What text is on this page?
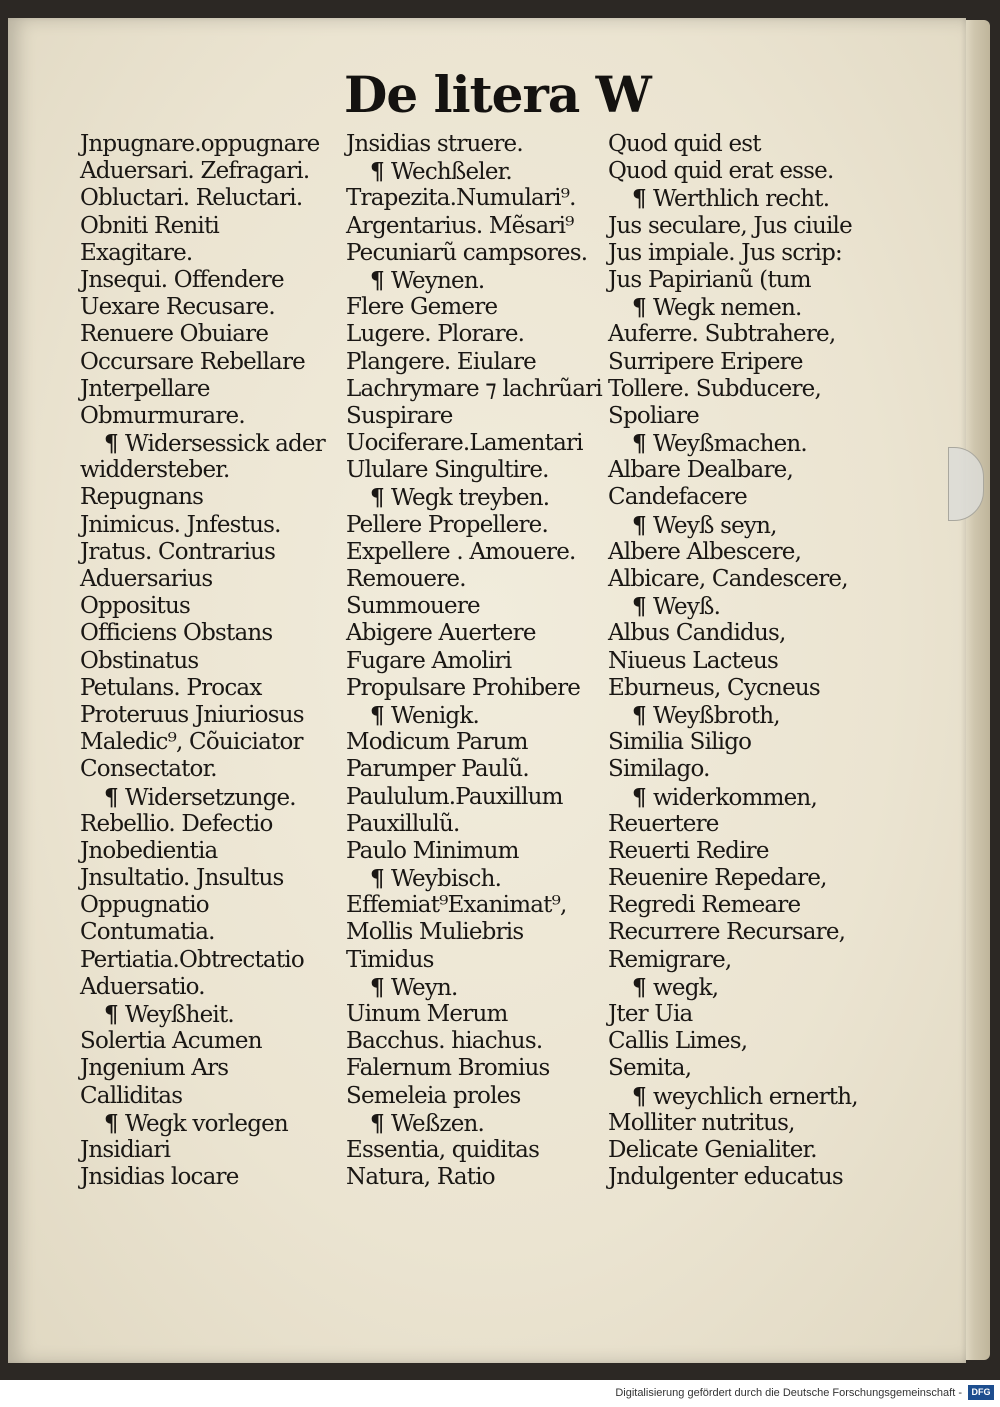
De litera W
Jnpugnare.oppugnare
Aduersari. Zefragari.
Obluctari. Reluctari.
Obniti Reniti
Exagitare.
Jnsequi. Offendere
Uexare Recusare.
Renuere Obuiare
Occursare Rebellare
Jnterpellare
Obmurmurare.
¶ Widersessick ader
widdersteber.
Repugnans
Jnimicus. Jnfestus.
Jratus. Contrarius
Aduersarius
Oppositus
Officiens Obstans
Obstinatus
Petulans. Procax
Proteruus Jniuriosus
Maledic⁹, Cõuiciator
Consectator.
¶ Widersetzunge.
Rebellio. Defectio
Jnobedientia
Jnsultatio. Jnsultus
Oppugnatio
Contumatia.
Pertiatia.Obtrectatio
Aduersatio.
¶ Weyßheit.
Solertia Acumen
Jngenium Ars
Calliditas
¶ Wegk vorlegen
Jnsidiari
Jnsidias locare
Jnsidias struere.
¶ Wechßeler.
Trapezita.Numulari⁹.
Argentarius. Mẽsari⁹
Pecuniarũ campsores.
¶ Weynen.
Flere Gemere
Lugere. Plorare.
Plangere. Eiulare
Lachrymare ⁊ lachrũari
Suspirare
Uociferare.Lamentari
Ululare Singultire.
¶ Wegk treyben.
Pellere Propellere.
Expellere . Amouere.
Remouere.
Summouere
Abigere Auertere
Fugare Amoliri
Propulsare Prohibere
¶ Wenigk.
Modicum Parum
Parumper Paulũ.
Paululum.Pauxillum
Pauxillulũ.
Paulo Minimum
¶ Weybisch.
Effemiat⁹Exanimat⁹,
Mollis Muliebris
Timidus
¶ Weyn.
Uinum Merum
Bacchus. hiachus.
Falernum Bromius
Semeleia proles
¶ Weßzen.
Essentia, quiditas
Natura, Ratio
Quod quid est
Quod quid erat esse.
¶ Werthlich recht.
Jus seculare, Jus ciuile
Jus impiale. Jus scrip:
Jus Papirianũ (tum
¶ Wegk nemen.
Auferre. Subtrahere,
Surripere Eripere
Tollere. Subducere,
Spoliare
¶ Weyßmachen.
Albare Dealbare,
Candefacere
¶ Weyß seyn,
Albere Albescere,
Albicare, Candescere,
¶ Weyß.
Albus Candidus,
Niueus Lacteus
Eburneus, Cycneus
¶ Weyßbroth,
Similia Siligo
Similago.
¶ widerkommen,
Reuertere
Reuerti Redire
Reuenire Repedare,
Regredi Remeare
Recurrere Recursare,
Remigrare,
¶ wegk,
Jter Uia
Callis Limes,
Semita,
¶ weychlich ernerth,
Molliter nutritus,
Delicate Genialiter.
Jndulgenter educatus
Digitalisierung gefördert durch die Deutsche Forschungsgemeinschaft -	DFG
